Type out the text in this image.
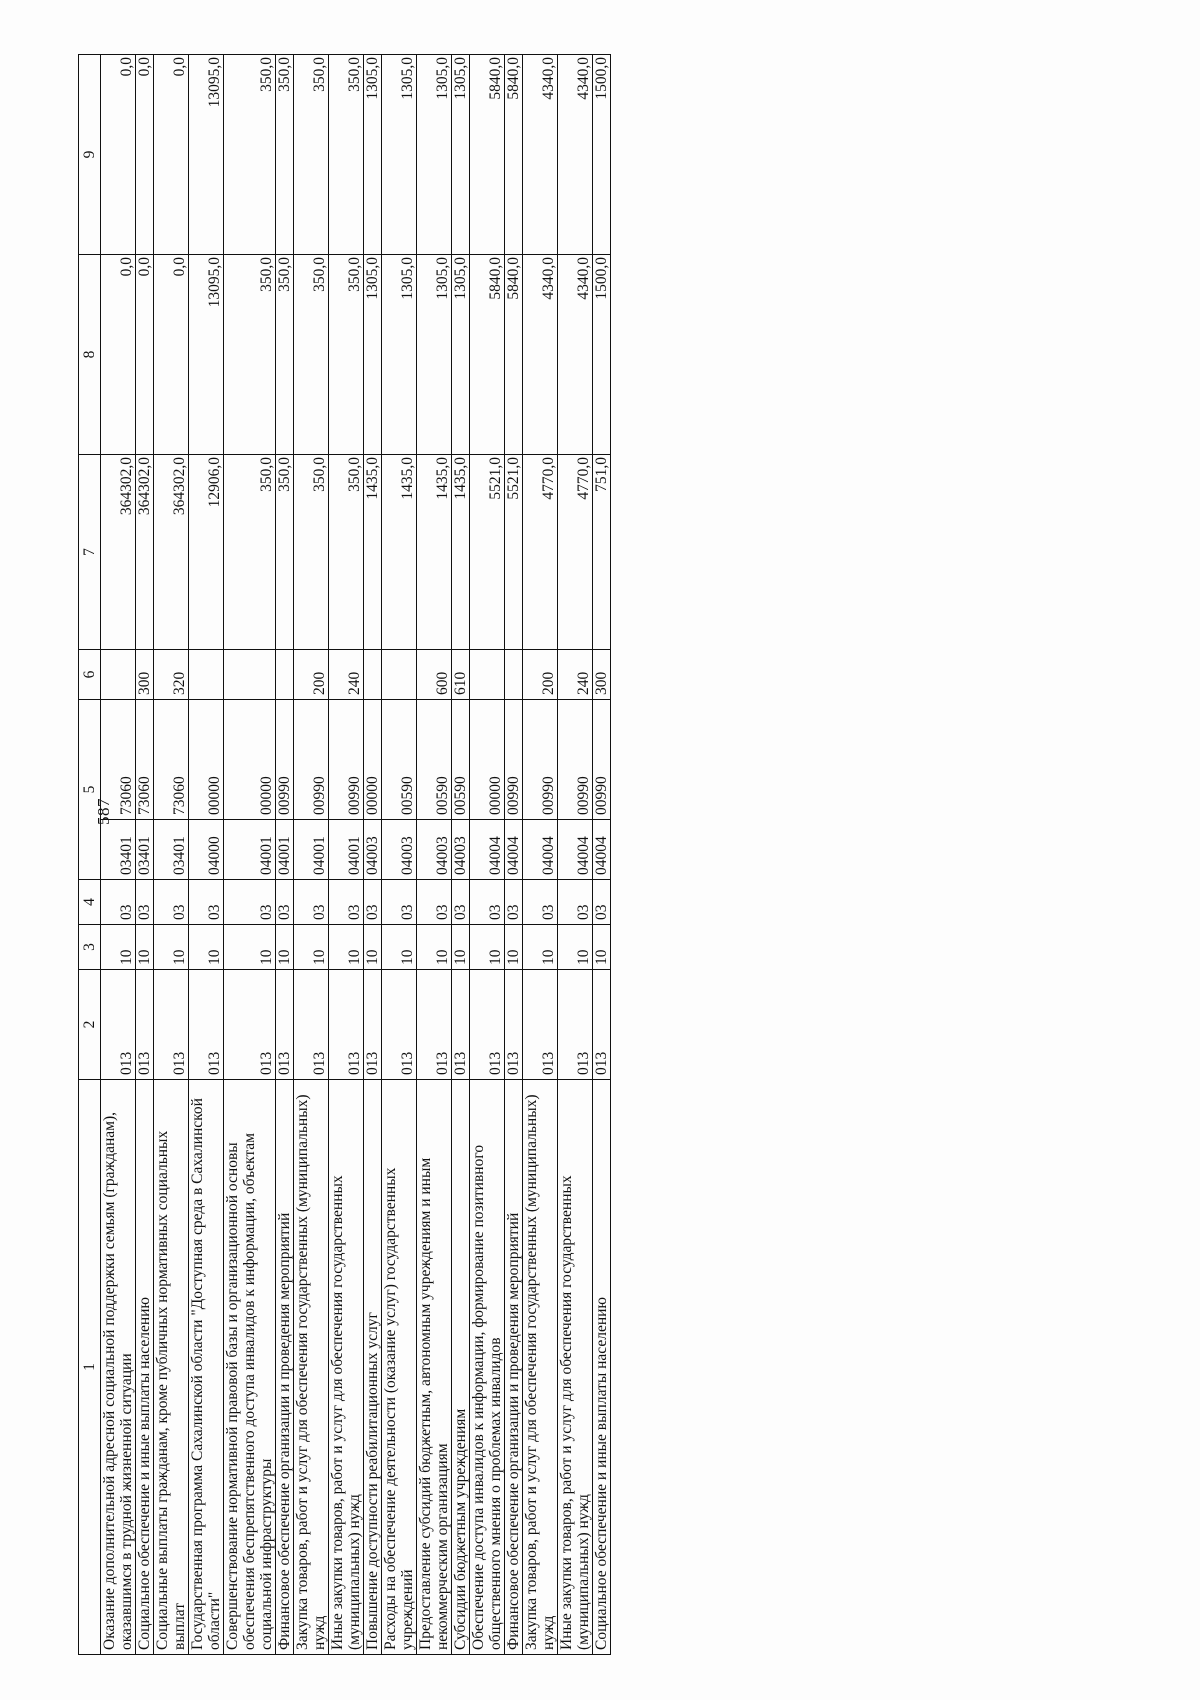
587
1	2	3	4	5		6	7	8	9
Оказание дополнительной адресной социальной поддержки семьям (гражданам), оказавшимся в трудной жизненной ситуации	013	10	03	03401	73060		364302,0	0,0	0,0
Социальное обеспечение и иные выплаты населению	013	10	03	03401	73060	300	364302,0	0,0	0,0
Социальные выплаты гражданам, кроме публичных нормативных социальных выплат	013	10	03	03401	73060	320	364302,0	0,0	0,0
Государственная программа Сахалинской области "Доступная среда в Сахалинской области"	013	10	03	04000	00000		12906,0	13095,0	13095,0
Совершенствование нормативной правовой базы и организационной основы обеспечения беспрепятственного доступа инвалидов к информации, объектам социальной инфраструктуры	013	10	03	04001	00000		350,0	350,0	350,0
Финансовое обеспечение организации и проведения мероприятий	013	10	03	04001	00990		350,0	350,0	350,0
Закупка товаров, работ и услуг для обеспечения государственных (муниципальных) нужд	013	10	03	04001	00990	200	350,0	350,0	350,0
Иные закупки товаров, работ и услуг для обеспечения государственных (муниципальных) нужд	013	10	03	04001	00990	240	350,0	350,0	350,0
Повышение доступности реабилитационных услуг	013	10	03	04003	00000		1435,0	1305,0	1305,0
Расходы на обеспечение деятельности (оказание услуг) государственных учреждений	013	10	03	04003	00590		1435,0	1305,0	1305,0
Предоставление субсидий бюджетным, автономным учреждениям и иным некоммерческим организациям	013	10	03	04003	00590	600	1435,0	1305,0	1305,0
Субсидии бюджетным учреждениям	013	10	03	04003	00590	610	1435,0	1305,0	1305,0
Обеспечение доступа инвалидов к информации, формирование позитивного общественного мнения о проблемах инвалидов	013	10	03	04004	00000		5521,0	5840,0	5840,0
Финансовое обеспечение организации и проведения мероприятий	013	10	03	04004	00990		5521,0	5840,0	5840,0
Закупка товаров, работ и услуг для обеспечения государственных (муниципальных) нужд	013	10	03	04004	00990	200	4770,0	4340,0	4340,0
Иные закупки товаров, работ и услуг для обеспечения государственных (муниципальных) нужд	013	10	03	04004	00990	240	4770,0	4340,0	4340,0
Социальное обеспечение и иные выплаты населению	013	10	03	04004	00990	300	751,0	1500,0	1500,0
